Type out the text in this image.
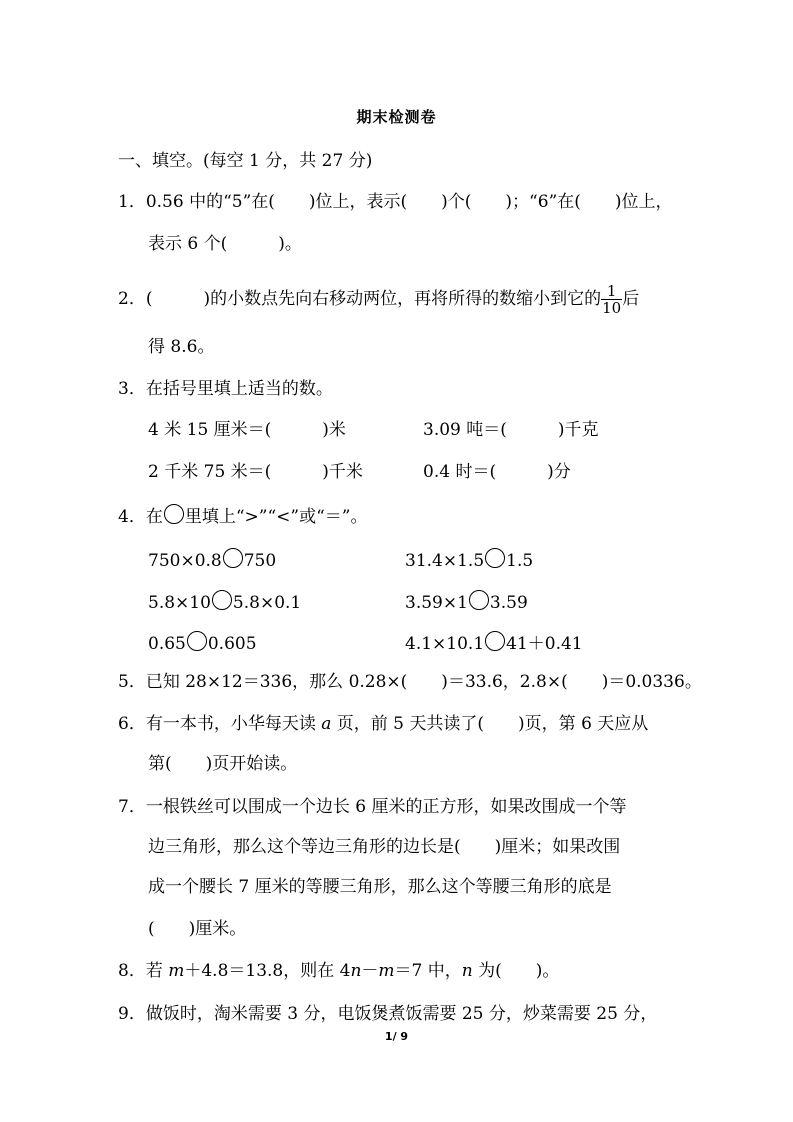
期末检测卷
一、填空。(每空 1 分，共 27 分)
1．0.56 中的“5”在(　　)位上，表示(　　)个(　　)；“6”在(　　)位上，
表示 6 个(　　　)。
2．(　　　)的小数点先向右移动两位，再将所得的数缩小到它的 $\frac{1}{10}$ 后
得 8.6。
3．在括号里填上适当的数。
4 米 15 厘米＝(　　　)米	3.09 吨＝(　　　)千克
2 千米 75 米＝(　　　)千米	0.4 时＝(　　　)分
4．在 里填上“>”“<”或“＝”。
750×0.8 750	31.4×1.5 1.5
5.8×10 5.8×0.1	3.59×1 3.59
0.65 0.605	4.1×10.1 41＋0.41
5．已知 28×12＝336，那么 0.28×(　　)＝33.6，2.8×(　　)＝0.0336。
6．有一本书，小华每天读 a 页，前 5 天共读了(　　)页，第 6 天应从
第(　　)页开始读。
7．一根铁丝可以围成一个边长 6 厘米的正方形，如果改围成一个等
边三角形，那么这个等边三角形的边长是(　　)厘米；如果改围
成一个腰长 7 厘米的等腰三角形，那么这个等腰三角形的底是
(　　)厘米。
8．若 m＋4.8＝13.8，则在 4n－m＝7 中，n 为(　　)。
9．做饭时，淘米需要 3 分，电饭煲煮饭需要 25 分，炒菜需要 25 分，
1/ 9
